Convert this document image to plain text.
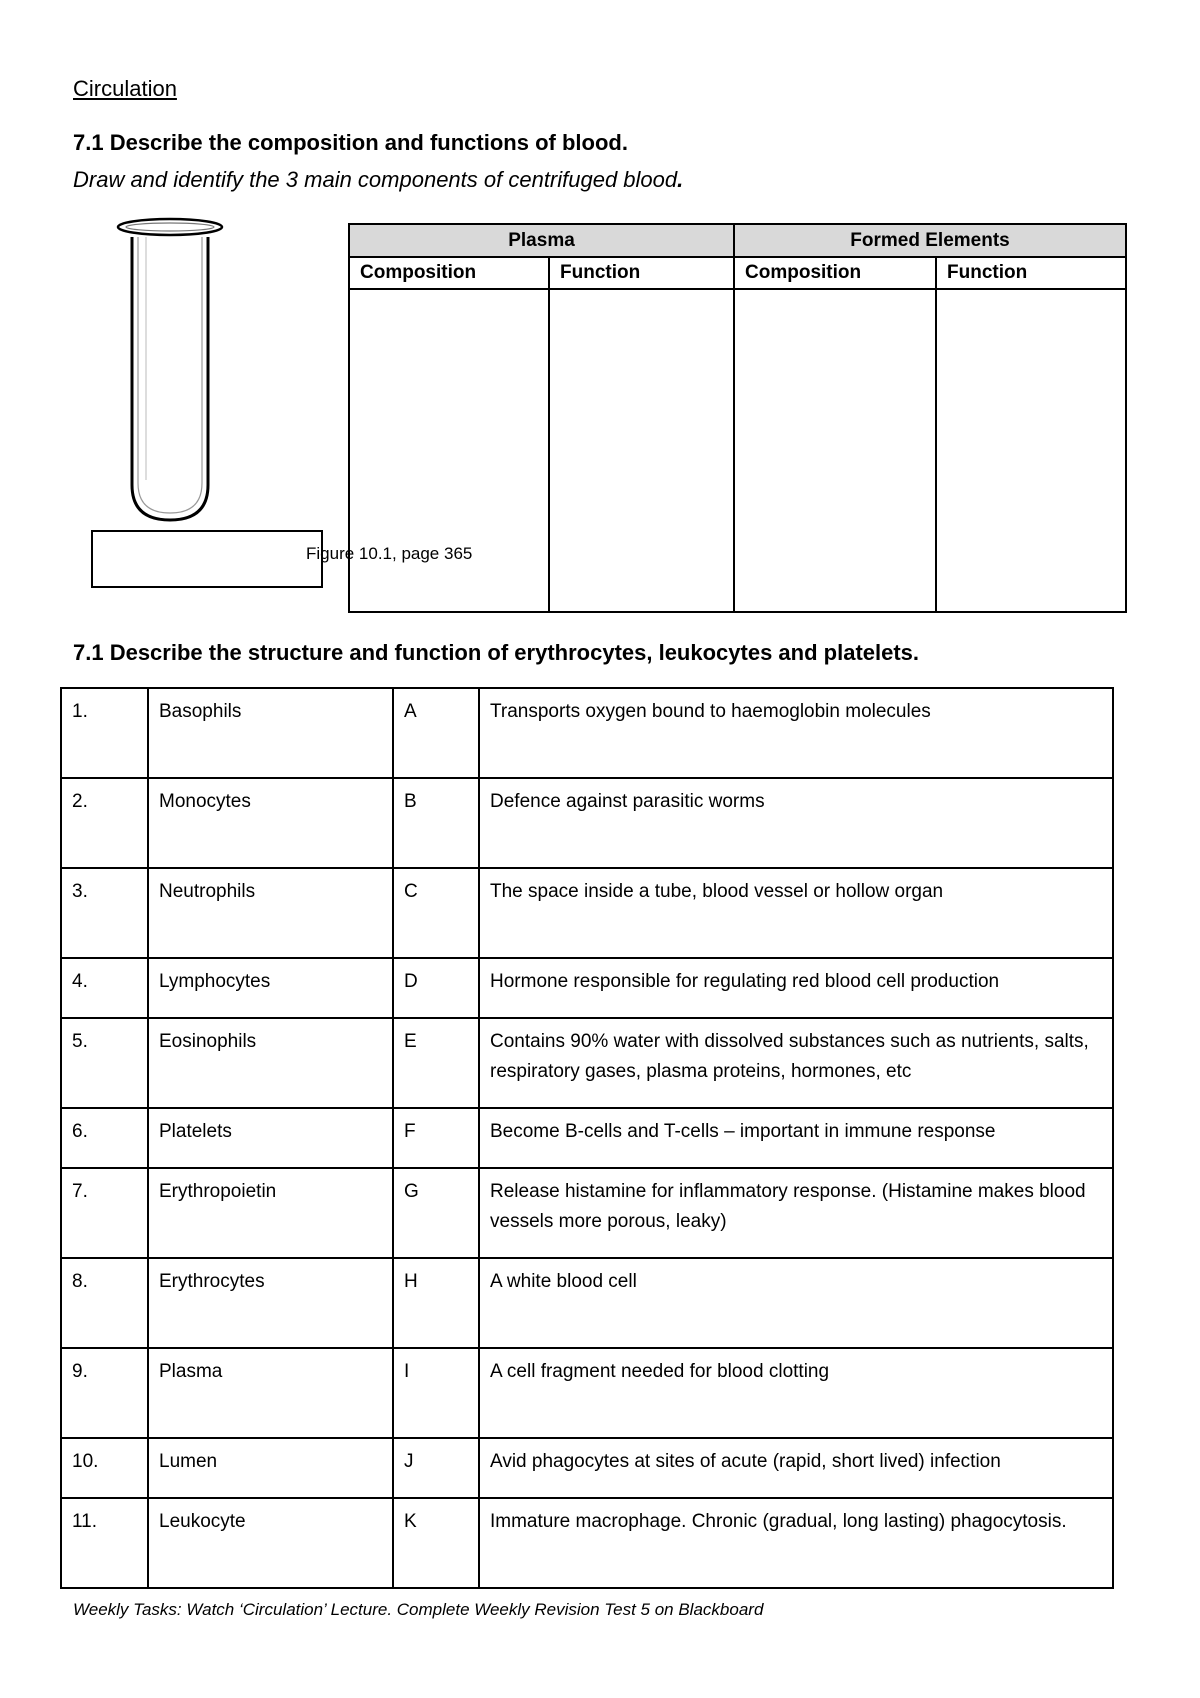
Circulation
7.1 Describe the composition and functions of blood.
Draw and identify the 3 main components of centrifuged blood.
Figure 10.1, page 365
Plasma		Formed Elements	
Composition	Function	Composition	Function

7.1 Describe the structure and function of erythrocytes, leukocytes and platelets.
1.	Basophils	A	Transports oxygen bound to haemoglobin molecules
2.	Monocytes	B	Defence against parasitic worms
3.	Neutrophils	C	The space inside a tube, blood vessel or hollow organ
4.	Lymphocytes	D	Hormone responsible for regulating red blood cell production
5.	Eosinophils	E	Contains 90% water with dissolved substances such as nutrients, salts, respiratory gases, plasma proteins, hormones, etc
6.	Platelets	F	Become B-cells and T-cells – important in immune response
7.	Erythropoietin	G	Release histamine for inflammatory response. (Histamine makes blood vessels more porous, leaky)
8.	Erythrocytes	H	A white blood cell
9.	Plasma	I	A cell fragment needed for blood clotting
10.	Lumen	J	Avid phagocytes at sites of acute (rapid, short lived) infection
11.	Leukocyte	K	Immature macrophage. Chronic (gradual, long lasting) phagocytosis.
Weekly Tasks: Watch ‘Circulation’ Lecture. Complete Weekly Revision Test 5 on Blackboard
